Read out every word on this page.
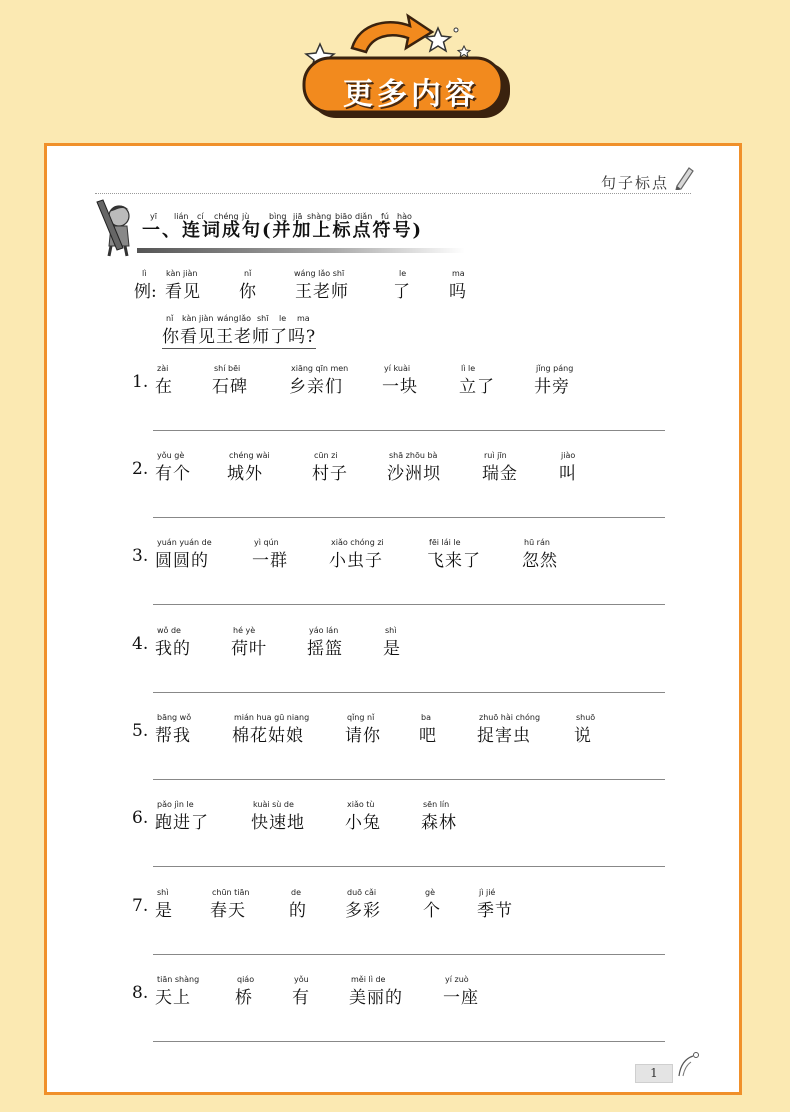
更多内容
句子标点
一、连词成句(并加上标点符号)
yī lián cí chéng jù bìng jiā shàng biāo diǎn fú hào
lì
例:
kàn jiàn
看见
nǐ
你
wáng lǎo shī
王老师
le
了
ma
吗
nǐ kàn jiàn wáng lǎo shī le ma
你看见王老师了吗?
1.
zài
在
shí bēi
石碑
xiāng qīn men
乡亲们
yí kuài
一块
lì le
立了
jǐng páng
井旁
2.
yǒu gè
有个
chéng wài
城外
cūn zi
村子
shā zhōu bà
沙洲坝
ruì jīn
瑞金
jiào
叫
3.
yuán yuán de
圆圆的
yì qún
一群
xiǎo chóng zi
小虫子
fēi lái le
飞来了
hū rán
忽然
4.
wǒ de
我的
hé yè
荷叶
yáo lán
摇篮
shì
是
5.
bāng wǒ
帮我
mián hua gū niang
棉花姑娘
qǐng nǐ
请你
ba
吧
zhuō hài chóng
捉害虫
shuō
说
6.
pǎo jìn le
跑进了
kuài sù de
快速地
xiǎo tù
小兔
sēn lín
森林
7.
shì
是
chūn tiān
春天
de
的
duō cǎi
多彩
gè
个
jì jié
季节
8.
tiān shàng
天上
qiáo
桥
yǒu
有
měi lì de
美丽的
yí zuò
一座
1
